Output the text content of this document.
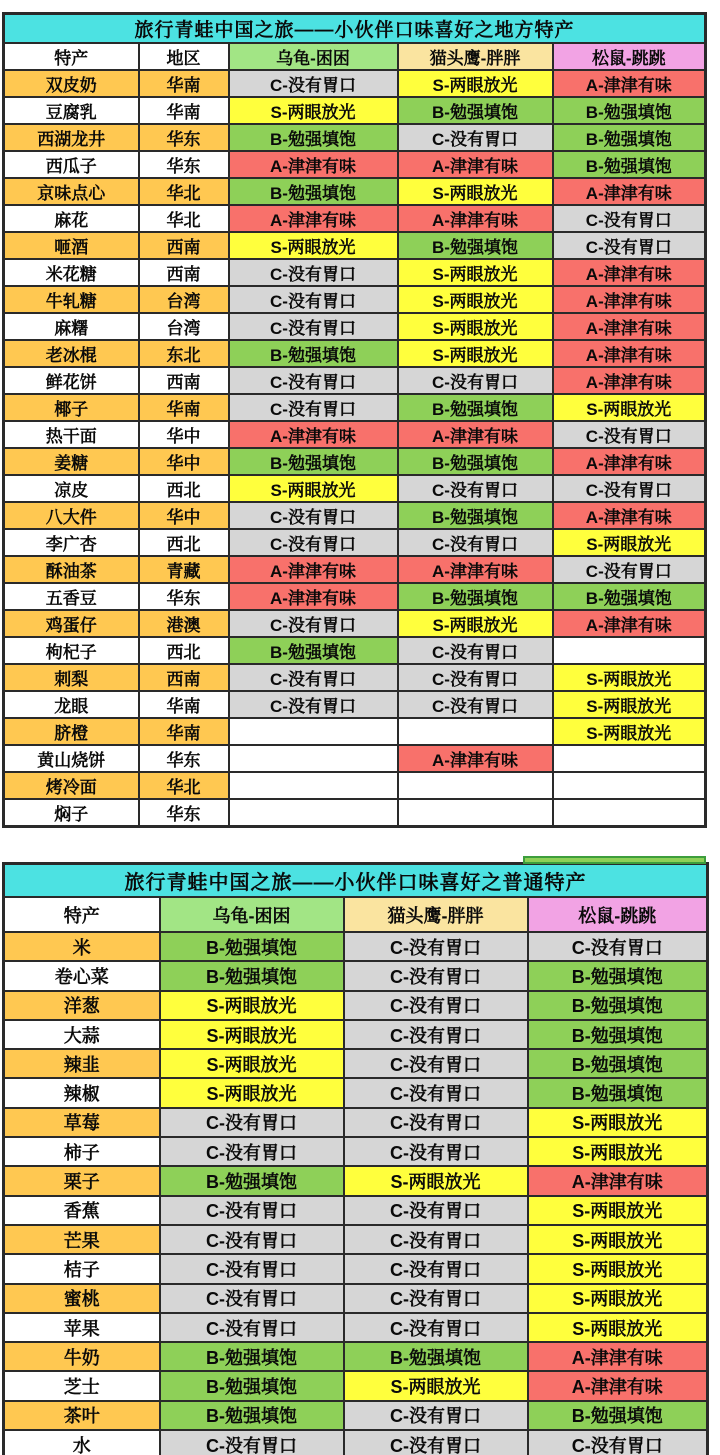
旅行青蛙中国之旅——小伙伴口味喜好之地方特产				
特产	地区	乌龟-困困	猫头鹰-胖胖	松鼠-跳跳
双皮奶	华南	C-没有胃口	S-两眼放光	A-津津有味
豆腐乳	华南	S-两眼放光	B-勉强填饱	B-勉强填饱
西湖龙井	华东	B-勉强填饱	C-没有胃口	B-勉强填饱
西瓜子	华东	A-津津有味	A-津津有味	B-勉强填饱
京味点心	华北	B-勉强填饱	S-两眼放光	A-津津有味
麻花	华北	A-津津有味	A-津津有味	C-没有胃口
咂酒	西南	S-两眼放光	B-勉强填饱	C-没有胃口
米花糖	西南	C-没有胃口	S-两眼放光	A-津津有味
牛轧糖	台湾	C-没有胃口	S-两眼放光	A-津津有味
麻糬	台湾	C-没有胃口	S-两眼放光	A-津津有味
老冰棍	东北	B-勉强填饱	S-两眼放光	A-津津有味
鲜花饼	西南	C-没有胃口	C-没有胃口	A-津津有味
椰子	华南	C-没有胃口	B-勉强填饱	S-两眼放光
热干面	华中	A-津津有味	A-津津有味	C-没有胃口
姜糖	华中	B-勉强填饱	B-勉强填饱	A-津津有味
凉皮	西北	S-两眼放光	C-没有胃口	C-没有胃口
八大件	华中	C-没有胃口	B-勉强填饱	A-津津有味
李广杏	西北	C-没有胃口	C-没有胃口	S-两眼放光
酥油茶	青藏	A-津津有味	A-津津有味	C-没有胃口
五香豆	华东	A-津津有味	B-勉强填饱	B-勉强填饱
鸡蛋仔	港澳	C-没有胃口	S-两眼放光	A-津津有味
枸杞子	西北	B-勉强填饱	C-没有胃口	
刺梨	西南	C-没有胃口	C-没有胃口	S-两眼放光
龙眼	华南	C-没有胃口	C-没有胃口	S-两眼放光
脐橙	华南			S-两眼放光
黄山烧饼	华东		A-津津有味	
烤冷面	华北			
焖子	华东			
旅行青蛙中国之旅——小伙伴口味喜好之普通特产			
特产	乌龟-困困	猫头鹰-胖胖	松鼠-跳跳
米	B-勉强填饱	C-没有胃口	C-没有胃口
卷心菜	B-勉强填饱	C-没有胃口	B-勉强填饱
洋葱	S-两眼放光	C-没有胃口	B-勉强填饱
大蒜	S-两眼放光	C-没有胃口	B-勉强填饱
辣韭	S-两眼放光	C-没有胃口	B-勉强填饱
辣椒	S-两眼放光	C-没有胃口	B-勉强填饱
草莓	C-没有胃口	C-没有胃口	S-两眼放光
柿子	C-没有胃口	C-没有胃口	S-两眼放光
栗子	B-勉强填饱	S-两眼放光	A-津津有味
香蕉	C-没有胃口	C-没有胃口	S-两眼放光
芒果	C-没有胃口	C-没有胃口	S-两眼放光
桔子	C-没有胃口	C-没有胃口	S-两眼放光
蜜桃	C-没有胃口	C-没有胃口	S-两眼放光
苹果	C-没有胃口	C-没有胃口	S-两眼放光
牛奶	B-勉强填饱	B-勉强填饱	A-津津有味
芝士	B-勉强填饱	S-两眼放光	A-津津有味
茶叶	B-勉强填饱	C-没有胃口	B-勉强填饱
水	C-没有胃口	C-没有胃口	C-没有胃口
